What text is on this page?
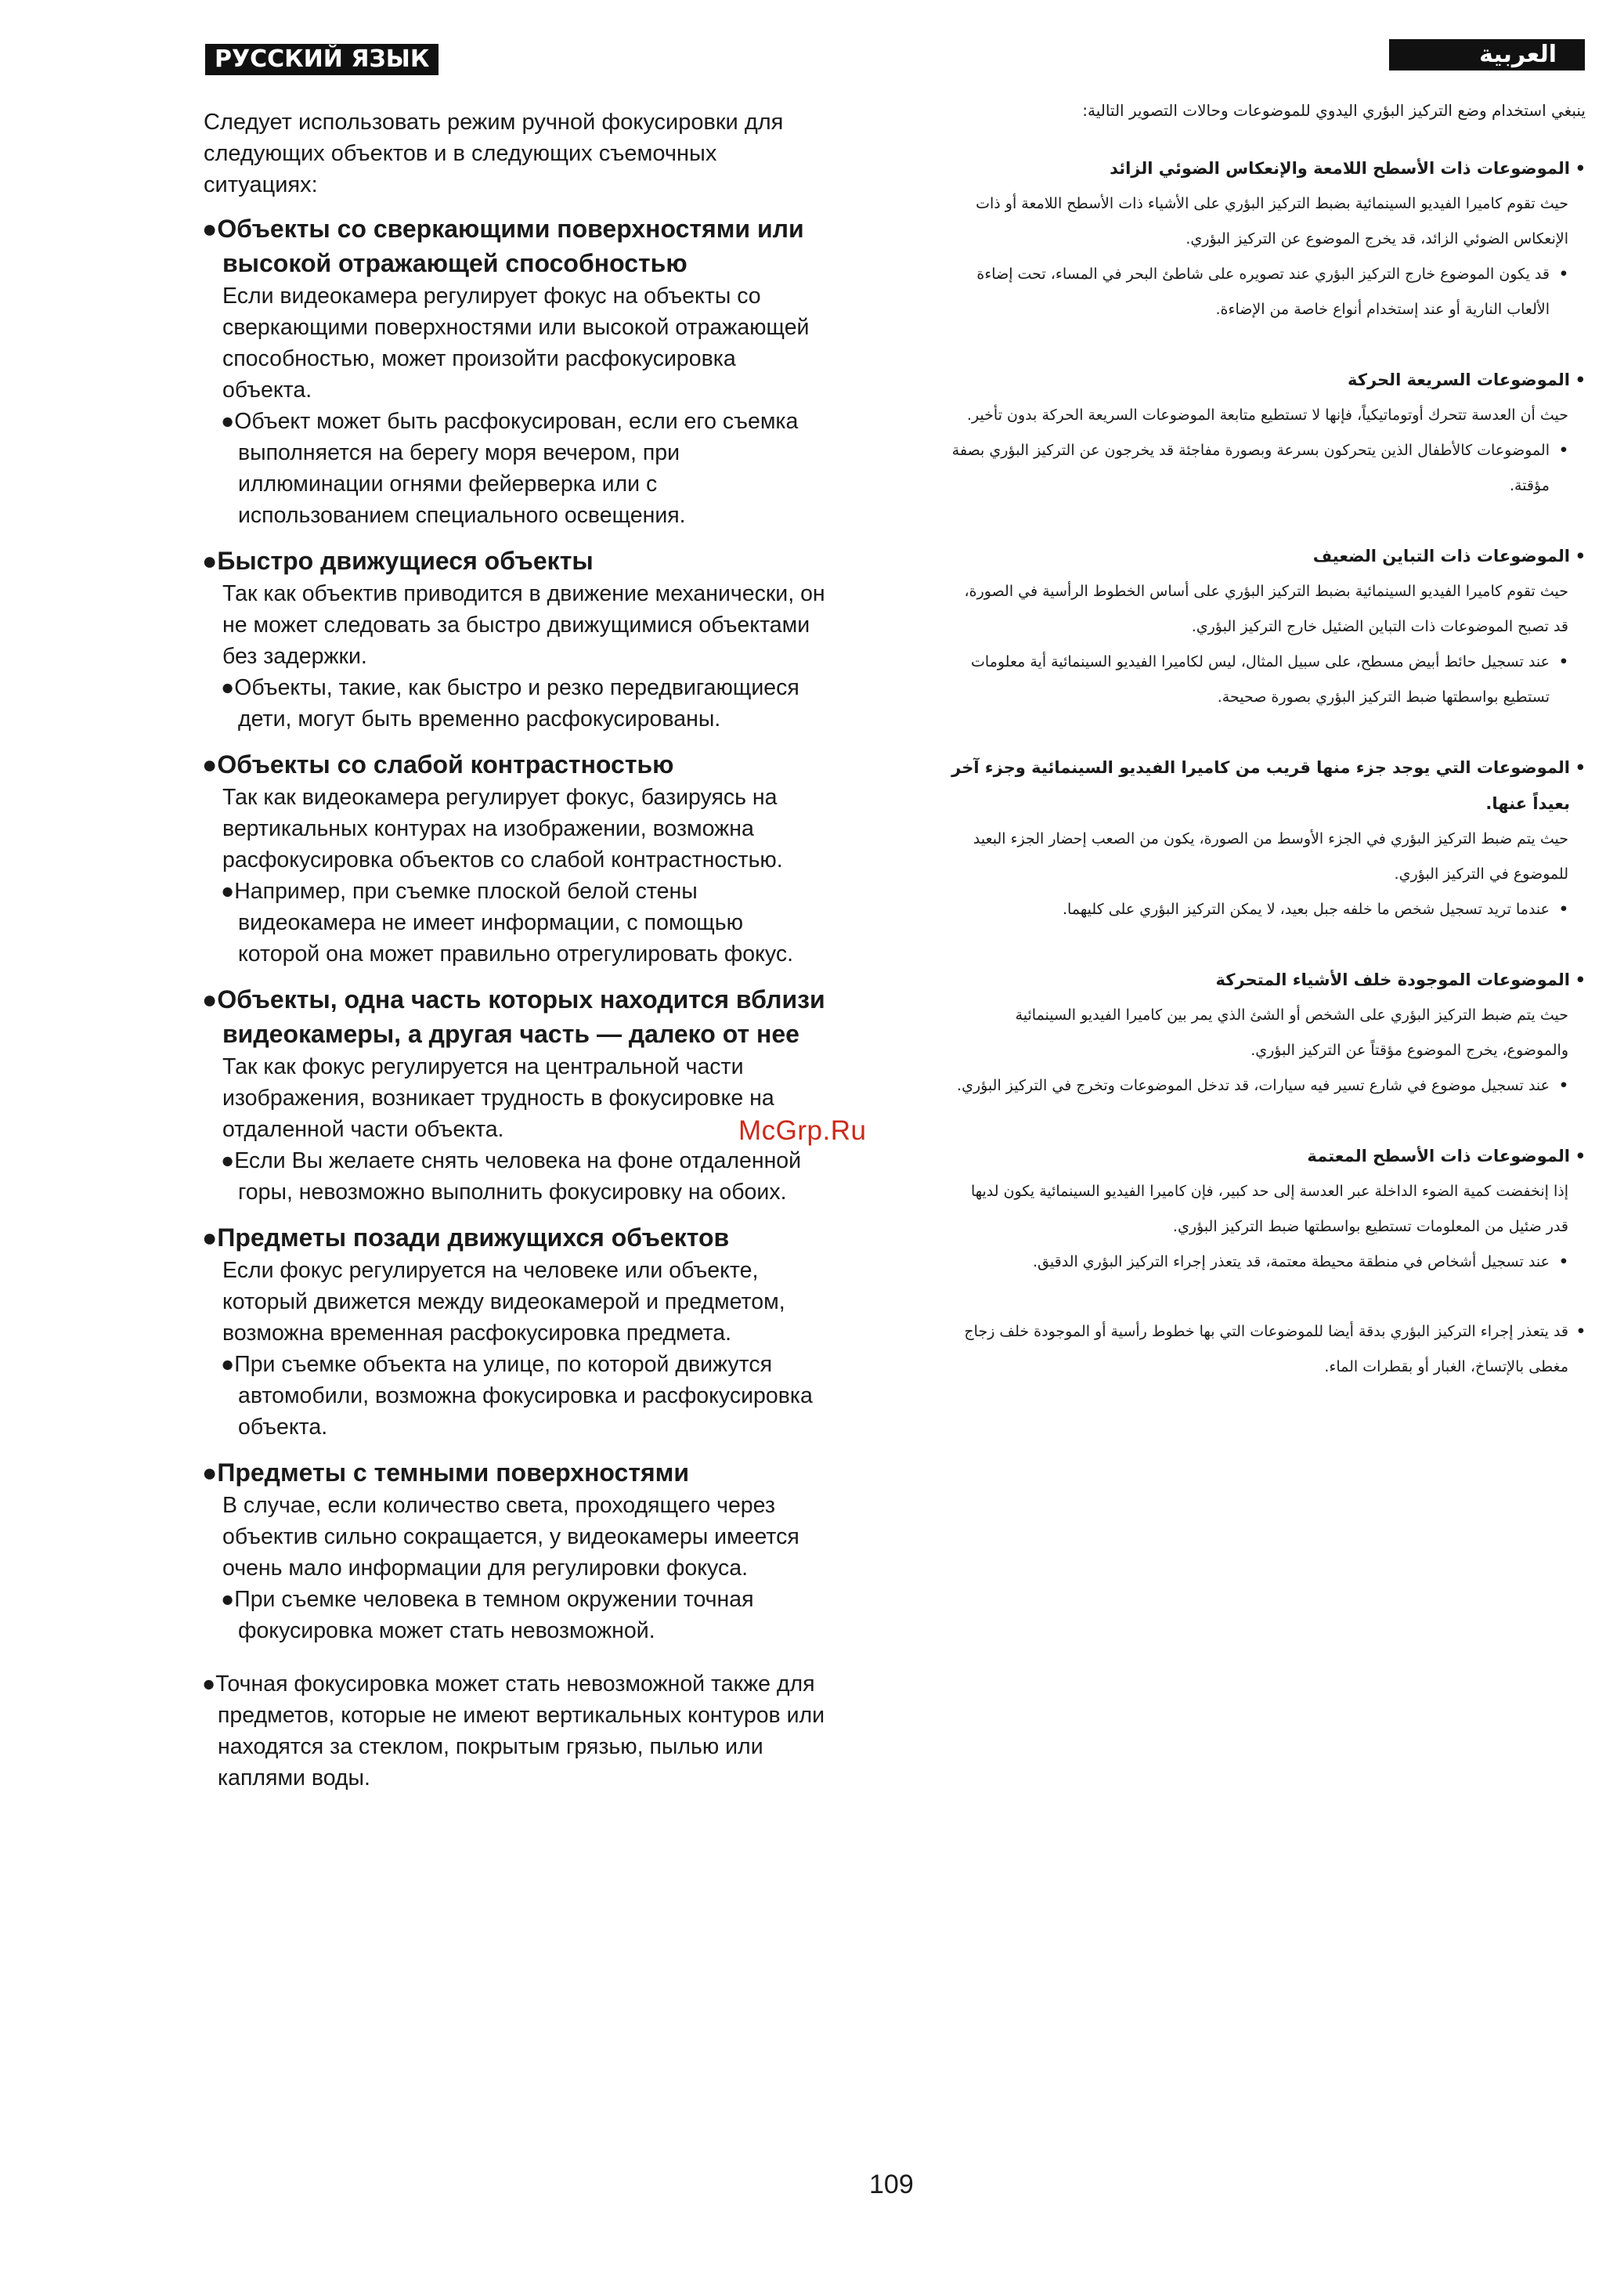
РУССКИЙ ЯЗЫК	العربية

Следует использовать режим ручной фокусировки для следующих объектов и в следующих съемочных ситуациях:

●Объекты со сверкающими поверхностями или высокой отражающей способностью

Если видеокамера регулирует фокус на объекты со сверкающими поверхностями или высокой отражающей способностью, может произойти расфокусировка объекта.

●Объект может быть расфокусирован, если его съемка выполняется на берегу моря вечером, при иллюминации огнями фейерверка или с использованием специального освещения.

●Быстро движущиеся объекты

Так как объектив приводится в движение механически, он не может следовать за быстро движущимися объектами без задержки.

●Объекты, такие, как быстро и резко передвигающиеся дети, могут быть временно расфокусированы.

●Объекты со слабой контрастностью

Так как видеокамера регулирует фокус, базируясь на вертикальных контурах на изображении, возможна расфокусировка объектов со слабой контрастностью.

●Например, при съемке плоской белой стены видеокамера не имеет информации, с помощью которой она может правильно отрегулировать фокус.

●Объекты, одна часть которых находится вблизи видеокамеры, а другая часть — далеко от нее

Так как фокус регулируется на центральной части изображения, возникает трудность в фокусировке на отдаленной части объекта.

●Если Вы желаете снять человека на фоне отдаленной горы, невозможно выполнить фокусировку на обоих.

●Предметы позади движущихся объектов

Если фокус регулируется на человеке или объекте, который движется между видеокамерой и предметом, возможна временная расфокусировка предмета.

●При съемке объекта на улице, по которой движутся автомобили, возможна фокусировка и расфокусировка объекта.

●Предметы с темными поверхностями

В случае, если количество света, проходящего через объектив сильно сокращается, у видеокамеры имеется очень мало информации для регулировки фокуса.

●При съемке человека в темном окружении точная фокусировка может стать невозможной.

●Точная фокусировка может стать невозможной также для предметов, которые не имеют вертикальных контуров или находятся за стеклом, покрытым грязью, пылью или каплями воды.

ينبغي استخدام وضع التركيز البؤري اليدوي للموضوعات وحالات التصوير التالية:

• الموضوعات ذات الأسطح اللامعة والإنعكاس الضوئي الزائد

حيث تقوم كاميرا الفيديو السينمائية بضبط التركيز البؤري على الأشياء ذات الأسطح اللامعة أو ذات الإنعكاس الضوئي الزائد، قد يخرج الموضوع عن التركيز البؤري.

• قد يكون الموضوع خارج التركيز البؤري عند تصويره على شاطئ البحر في المساء، تحت إضاءة الألعاب النارية أو عند إستخدام أنواع خاصة من الإضاءة.

• الموضوعات السريعة الحركة

حيث أن العدسة تتحرك أوتوماتيكياً، فإنها لا تستطيع متابعة الموضوعات السريعة الحركة بدون تأخير.

• الموضوعات كالأطفال الذين يتحركون بسرعة وبصورة مفاجئة قد يخرجون عن التركيز البؤري بصفة مؤقتة.

• الموضوعات ذات التباين الضعيف

حيث تقوم كاميرا الفيديو السينمائية بضبط التركيز البؤري على أساس الخطوط الرأسية في الصورة، قد تصبح الموضوعات ذات التباين الضئيل خارج التركيز البؤري.

• عند تسجيل حائط أبيض مسطح، على سبيل المثال، ليس لكاميرا الفيديو السينمائية أية معلومات تستطيع بواسطتها ضبط التركيز البؤري بصورة صحيحة.

• الموضوعات التي يوجد جزء منها قريب من كاميرا الفيديو السينمائية وجزء آخر بعيداً عنها.

حيث يتم ضبط التركيز البؤري في الجزء الأوسط من الصورة، يكون من الصعب إحضار الجزء البعيد للموضوع في التركيز البؤري.

• عندما تريد تسجيل شخص ما خلفه جبل بعيد، لا يمكن التركيز البؤري على كليهما.

• الموضوعات الموجودة خلف الأشياء المتحركة

حيث يتم ضبط التركيز البؤري على الشخص أو الشئ الذي يمر بين كاميرا الفيديو السينمائية والموضوع، يخرج الموضوع مؤقتاً عن التركيز البؤري.

• عند تسجيل موضوع في شارع تسير فيه سيارات، قد تدخل الموضوعات وتخرج في التركيز البؤري.

• الموضوعات ذات الأسطح المعتمة

إذا إنخفضت كمية الضوء الداخلة عبر العدسة إلى حد كبير، فإن كاميرا الفيديو السينمائية يكون لديها قدر ضئيل من المعلومات تستطيع بواسطتها ضبط التركيز البؤري.

• عند تسجيل أشخاص في منطقة محيطة معتمة، قد يتعذر إجراء التركيز البؤري الدقيق.

• قد يتعذر إجراء التركيز البؤري بدقة أيضا للموضوعات التي بها خطوط رأسية أو الموجودة خلف زجاج مغطى بالإتساخ، الغبار أو بقطرات الماء.

McGrp.Ru
109
